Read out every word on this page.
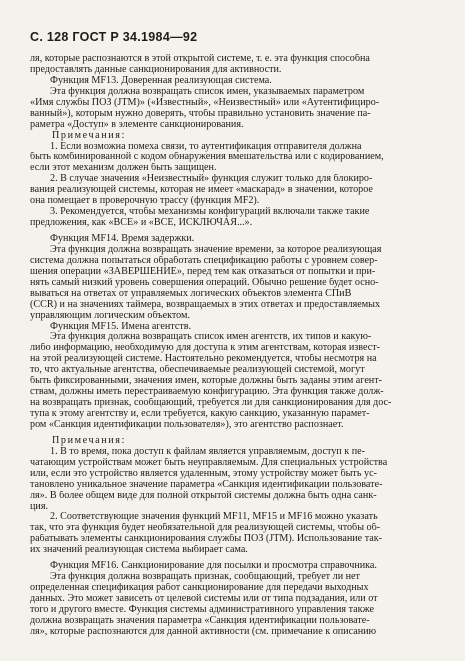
С. 128 ГОСТ Р 34.1984—92
ля, которые распознаются в этой открытой системе, т. е. эта функция способна
предоставлять данные санкционирования для активности.
Функция MF13. Доверенная реализующая система.
Эта функция должна возвращать список имен, указываемых параметром
«Имя службы ПОЗ (JTM)» («Известный», «Неизвестный» или «Аутентифициро-
ванный»), которым нужно доверять, чтобы правильно установить значение па-
раметра «Доступ» в элементе санкционирования.
Примечания:
1. Если возможна помеха связи, то аутентификация отправителя должна
быть комбинированной с кодом обнаружения вмешательства или с кодированием,
если этот механизм должен быть защищен.
2. В случае значения «Неизвестный» функция служит только для блокиро-
вания реализующей системы, которая не имеет «маскарад» в значении, которое
она помещает в проверочную трассу (функция MF2).
3. Рекомендуется, чтобы механизмы конфигураций включали также такие
предложения, как «ВСЕ» и «ВСЕ, ИСКЛЮЧАЯ...».
Функция MF14. Время задержки.
Эта функция должна возвращать значение времени, за которое реализующая
система должна попытаться обработать спецификацию работы с уровнем совер-
шения операции «ЗАВЕРШЕНИЕ», перед тем как отказаться от попытки и при-
нять самый низкий уровень совершения операций. Обычно решение будет осно-
вываться на ответах от управляемых логических объектов элемента СПиВ
(CCR) и на значениях таймера, возвращаемых в этих ответах и предоставляемых
управляющим логическим объектом.
Функция MF15. Имена агентств.
Эта функция должна возвращать список имен агентств, их типов и какую-
либо информацию, необходимую для доступа к этим агентствам, которая извест-
на этой реализующей системе. Настоятельно рекомендуется, чтобы несмотря на
то, что актуальные агентства, обеспечиваемые реализующей системой, могут
быть фиксированными, значения имен, которые должны быть заданы этим агент-
ствам, должны иметь перестраиваемую конфигурацию. Эта функция также долж-
на возвращать признак, сообщающий, требуется ли для санкционирования для дос-
тупа к этому агентству и, если требуется, какую санкцию, указанную парамет-
ром «Санкция идентификации пользователя»), это агентство распознает.
Примечания:
1. В то время, пока доступ к файлам является управляемым, доступ к пе-
чатающим устройствам может быть неуправляемым. Для специальных устройства
или, если это устройство является удаленным, этому устройству может быть ус-
тановлено уникальное значение параметра «Санкция идентификации пользовате-
ля». В более общем виде для полной открытой системы должна быть одна санк-
ция.
2. Соответствующие значения функций MF11, MF15 и MF16 можно указать
так, что эта функция будет необязательной для реализующей системы, чтобы об-
рабатывать элементы санкционирования службы ПОЗ (JTM). Использование так-
их значений реализующая система выбирает сама.
Функция MF16. Санкционирование для посылки и просмотра справочника.
Эта функция должна возвращать признак, сообщающий, требует ли нет
определенная спецификация работ санкционирование для передачи выходных
данных. Это может зависеть от целевой системы или от типа подзадания, или от
того и другого вместе. Функция системы административного управления также
должна возвращать значения параметра «Санкция идентификации пользовате-
ля», которые распознаются для данной активности (см. примечание к описанию
